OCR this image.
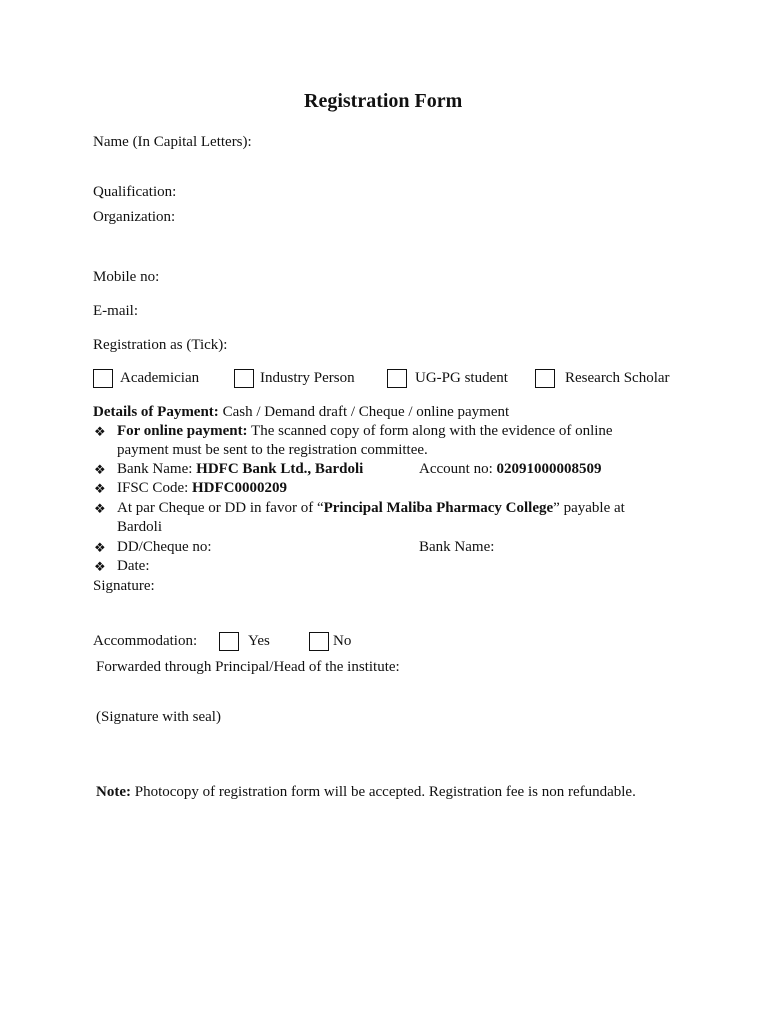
Registration Form
Name (In Capital Letters):
Qualification:
Organization:
Mobile no:
E-mail:
Registration as (Tick):
Academician	Industry Person	UG-PG student	Research Scholar
Details of Payment: Cash / Demand draft / Cheque / online payment
❖ For online payment: The scanned copy of form along with the evidence of online
payment must be sent to the registration committee.
❖ Bank Name: HDFC Bank Ltd., Bardoli	Account no: 02091000008509
❖ IFSC Code: HDFC0000209
❖ At par Cheque or DD in favor of “Principal Maliba Pharmacy College” payable at
Bardoli
❖ DD/Cheque no:	Bank Name:
❖ Date:
Signature:
Accommodation:	Yes	No
Forwarded through Principal/Head of the institute:
(Signature with seal)
Note: Photocopy of registration form will be accepted. Registration fee is non refundable.
